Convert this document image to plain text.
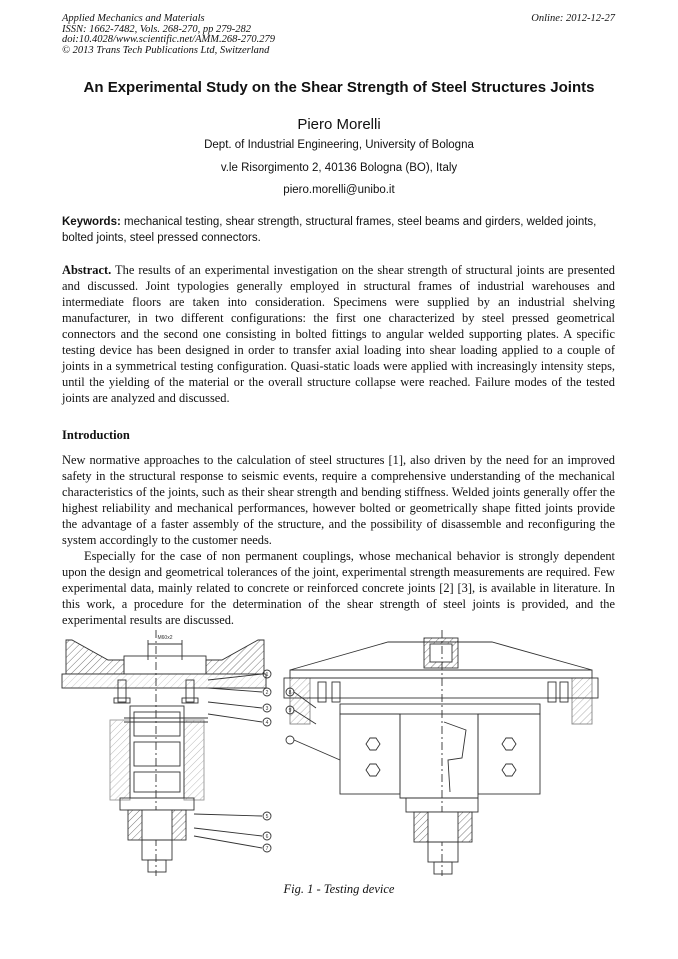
Applied Mechanics and Materials
ISSN: 1662-7482, Vols. 268-270, pp 279-282
doi:10.4028/www.scientific.net/AMM.268-270.279
© 2013 Trans Tech Publications Ltd, Switzerland
Online: 2012-12-27
An Experimental Study on the Shear Strength of Steel Structures Joints
Piero Morelli
Dept. of Industrial Engineering, University of Bologna
v.le Risorgimento 2, 40136 Bologna (BO), Italy
piero.morelli@unibo.it
Keywords: mechanical testing, shear strength, structural frames, steel beams and girders, welded joints, bolted joints, steel pressed connectors.

Abstract. The results of an experimental investigation on the shear strength of structural joints are presented and discussed. Joint typologies generally employed in structural frames of industrial warehouses and intermediate floors are taken into consideration. Specimens were supplied by an industrial shelving manufacturer, in two different configurations: the first one characterized by steel pressed geometrical connectors and the second one consisting in bolted fittings to angular welded supporting plates. A specific testing device has been designed in order to transfer axial loading into shear loading applied to a couple of joints in a symmetrical testing configuration. Quasi-static loads were applied with increasingly intensity steps, until the yielding of the material or the overall structure collapse were reached. Failure modes of the tested joints are analyzed and discussed.

Introduction

New normative approaches to the calculation of steel structures [1], also driven by the need for an improved safety in the structural response to seismic events, require a comprehensive understanding of the mechanical characteristics of the joints, such as their shear strength and bending stiffness. Welded joints generally offer the highest reliability and mechanical performances, however bolted or geometrically shape fitted joints provide the advantage of a faster assembly of the structure, and the possibility of disassemble and reconfiguring the system accordingly to the customer needs.

Especially for the case of non permanent couplings, whose mechanical behavior is strongly dependent upon the design and geometrical tolerances of the joint, experimental strength measurements are required. Few experimental data, mainly related to concrete or reinforced concrete joints [2] [3], is available in literature. In this work, a procedure for the determination of the shear strength of steel joints is provided, and the experimental results are discussed.

M60x2
1
2
3
4
5
6
7
8
9
Fig. 1 - Testing device
